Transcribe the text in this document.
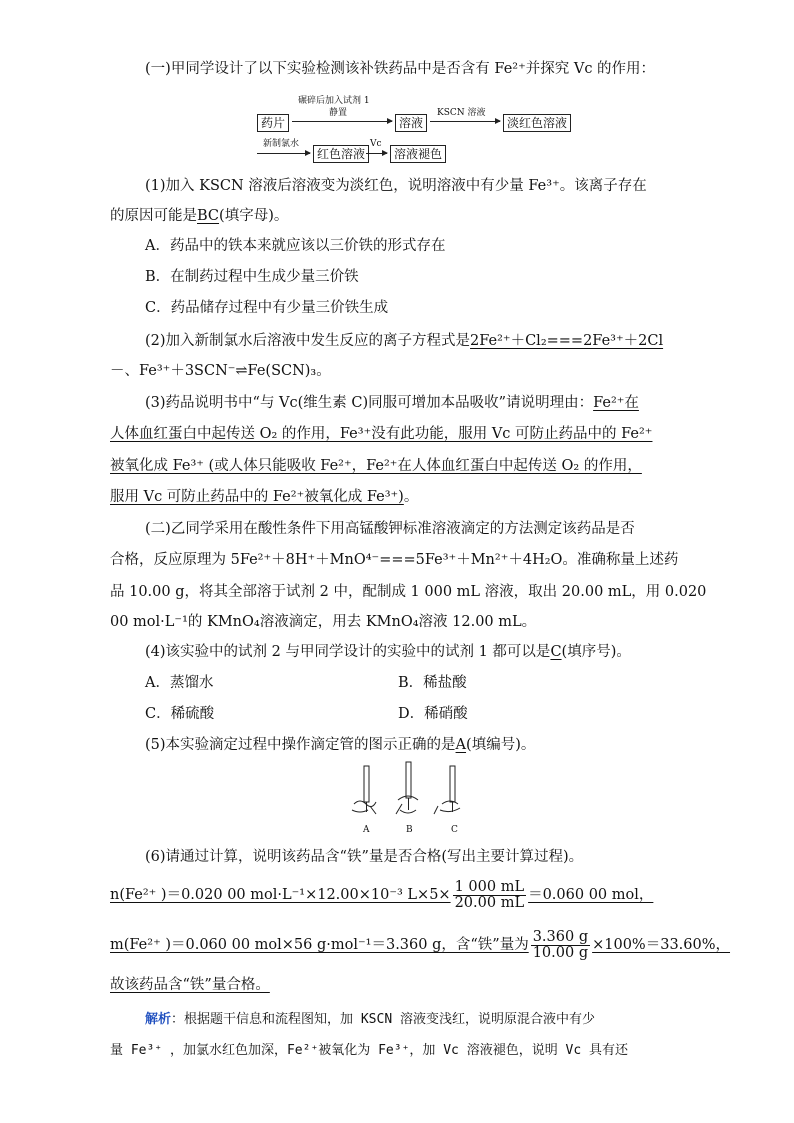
(一)甲同学设计了以下实验检测该补铁药品中是否含有 Fe²⁺并探究 Vc 的作用：
药片
碾碎后加入试剂 1
静置
溶液
KSCN 溶液
淡红色溶液
新制氯水
红色溶液
Vc
溶液褪色
(1)加入 KSCN 溶液后溶液变为淡红色，说明溶液中有少量 Fe³⁺。该离子存在
的原因可能是BC(填字母)。
A．药品中的铁本来就应该以三价铁的形式存在
B．在制药过程中生成少量三价铁
C．药品储存过程中有少量三价铁生成
(2)加入新制氯水后溶液中发生反应的离子方程式是2Fe²⁺＋Cl₂===2Fe³⁺＋2Cl
－、Fe³⁺＋3SCN⁻⇌Fe(SCN)₃。
(3)药品说明书中“与 Vc(维生素 C)同服可增加本品吸收”请说明理由：Fe²⁺在
人体血红蛋白中起传送 O₂ 的作用，Fe³⁺没有此功能，服用 Vc 可防止药品中的 Fe²⁺
被氧化成 Fe³⁺ (或人体只能吸收 Fe²⁺，Fe²⁺在人体血红蛋白中起传送 O₂ 的作用，
服用 Vc 可防止药品中的 Fe²⁺被氧化成 Fe³⁺)。
(二)乙同学采用在酸性条件下用高锰酸钾标准溶液滴定的方法测定该药品是否
合格，反应原理为 5Fe²⁺＋8H⁺＋MnO⁴⁻===5Fe³⁺＋Mn²⁺＋4H₂O。准确称量上述药
品 10.00 g，将其全部溶于试剂 2 中，配制成 1 000 mL 溶液，取出 20.00 mL，用 0.020
00 mol·L⁻¹的 KMnO₄溶液滴定，用去 KMnO₄溶液 12.00 mL。
(4)该实验中的试剂 2 与甲同学设计的实验中的试剂 1 都可以是C(填序号)。
A．蒸馏水	B．稀盐酸
C．稀硫酸	D．稀硝酸
(5)本实验滴定过程中操作滴定管的图示正确的是A(填编号)。
A	B	C
(6)请通过计算，说明该药品含“铁”量是否合格(写出主要计算过程)。
n(Fe²⁺ )＝0.020 00 mol·L⁻¹×12.00×10⁻³ $L\times 5\times \frac{1 000 mL}{20.00 mL} =0.060$ 00 mol，
m(Fe²⁺ )＝0.060 00 mol×56 g·mol⁻¹＝3.360 g，含“铁”量为 $\frac{3.360 g}{10.00 g} \times 100\%=33.60\%$，
故该药品含“铁”量合格。
解析：根据题干信息和流程图知，加 KSCN 溶液变浅红，说明原混合液中有少
量 Fe³⁺ ，加氯水红色加深，Fe²⁺被氧化为 Fe³⁺，加 Vc 溶液褪色，说明 Vc 具有还
